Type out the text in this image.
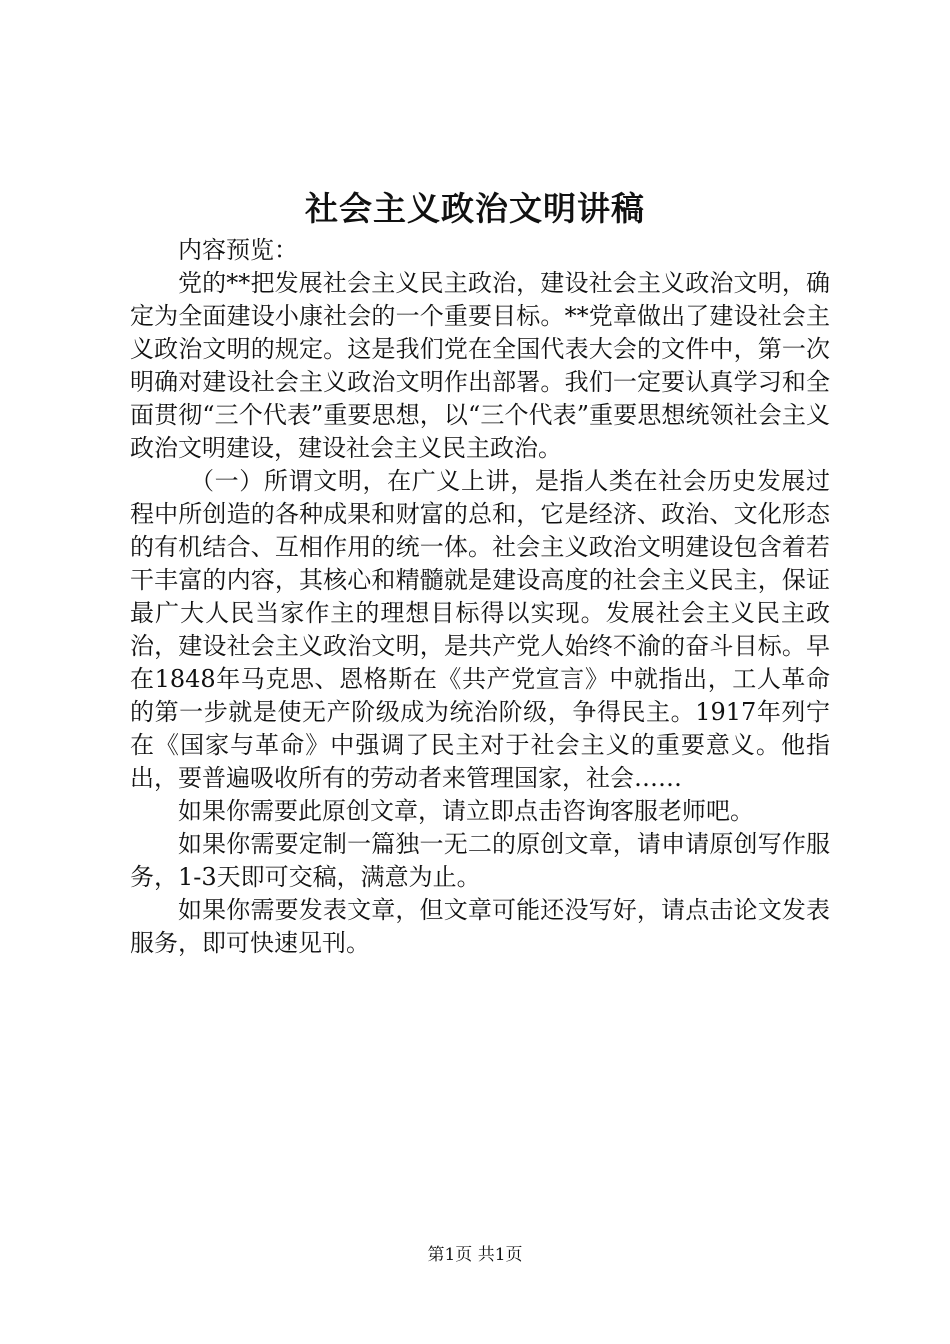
社会主义政治文明讲稿

内容预览：

党的**把发展社会主义民主政治，建设社会主义政治文明，确定为全面建设小康社会的一个重要目标。**党章做出了建设社会主义政治文明的规定。这是我们党在全国代表大会的文件中，第一次明确对建设社会主义政治文明作出部署。我们一定要认真学习和全面贯彻“三个代表”重要思想，以“三个代表”重要思想统领社会主义政治文明建设，建设社会主义民主政治。

（一）所谓文明，在广义上讲，是指人类在社会历史发展过程中所创造的各种成果和财富的总和，它是经济、政治、文化形态的有机结合、互相作用的统一体。社会主义政治文明建设包含着若干丰富的内容，其核心和精髓就是建设高度的社会主义民主，保证最广大人民当家作主的理想目标得以实现。发展社会主义民主政治，建设社会主义政治文明，是共产党人始终不渝的奋斗目标。早在1848年马克思、恩格斯在《共产党宣言》中就指出，工人革命的第一步就是使无产阶级成为统治阶级，争得民主。1917年列宁在《国家与革命》中强调了民主对于社会主义的重要意义。他指出，要普遍吸收所有的劳动者来管理国家，社会……

如果你需要此原创文章，请立即点击咨询客服老师吧。

如果你需要定制一篇独一无二的原创文章，请申请原创写作服务，1-3天即可交稿，满意为止。

如果你需要发表文章，但文章可能还没写好，请点击论文发表服务，即可快速见刊。

第1页 共1页
